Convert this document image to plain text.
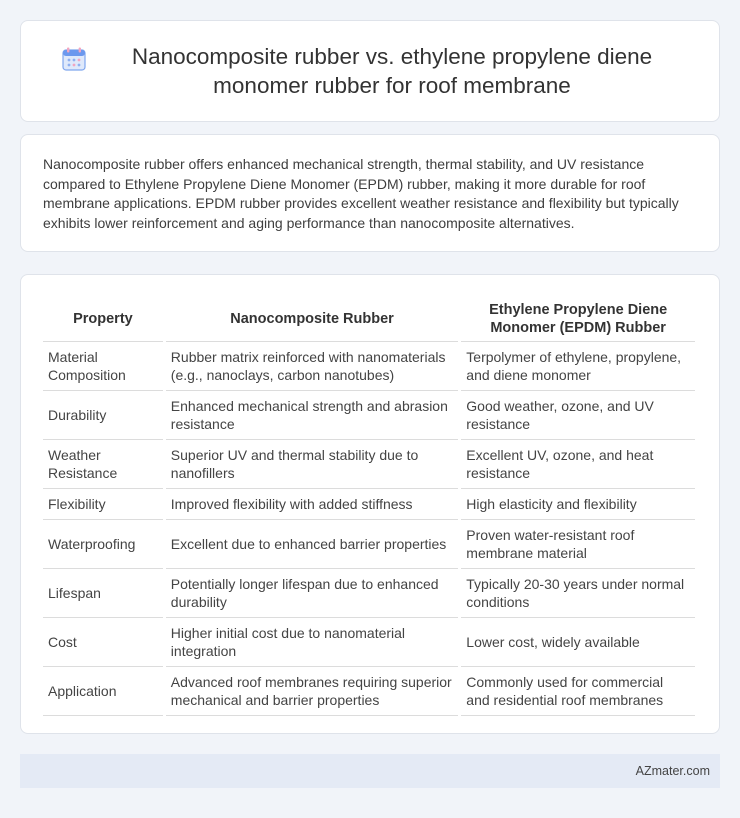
Nanocomposite rubber vs. ethylene propylene diene monomer rubber for roof membrane

Nanocomposite rubber offers enhanced mechanical strength, thermal stability, and UV resistance compared to Ethylene Propylene Diene Monomer (EPDM) rubber, making it more durable for roof membrane applications. EPDM rubber provides excellent weather resistance and flexibility but typically exhibits lower reinforcement and aging performance than nanocomposite alternatives.

Property	Nanocomposite Rubber	Ethylene Propylene Diene Monomer (EPDM) Rubber
Material Composition	Rubber matrix reinforced with nanomaterials (e.g., nanoclays, carbon nanotubes)	Terpolymer of ethylene, propylene, and diene monomer
Durability	Enhanced mechanical strength and abrasion resistance	Good weather, ozone, and UV resistance
Weather Resistance	Superior UV and thermal stability due to nanofillers	Excellent UV, ozone, and heat resistance
Flexibility	Improved flexibility with added stiffness	High elasticity and flexibility
Waterproofing	Excellent due to enhanced barrier properties	Proven water-resistant roof membrane material
Lifespan	Potentially longer lifespan due to enhanced durability	Typically 20-30 years under normal conditions
Cost	Higher initial cost due to nanomaterial integration	Lower cost, widely available
Application	Advanced roof membranes requiring superior mechanical and barrier properties	Commonly used for commercial and residential roof membranes
AZmater.com
